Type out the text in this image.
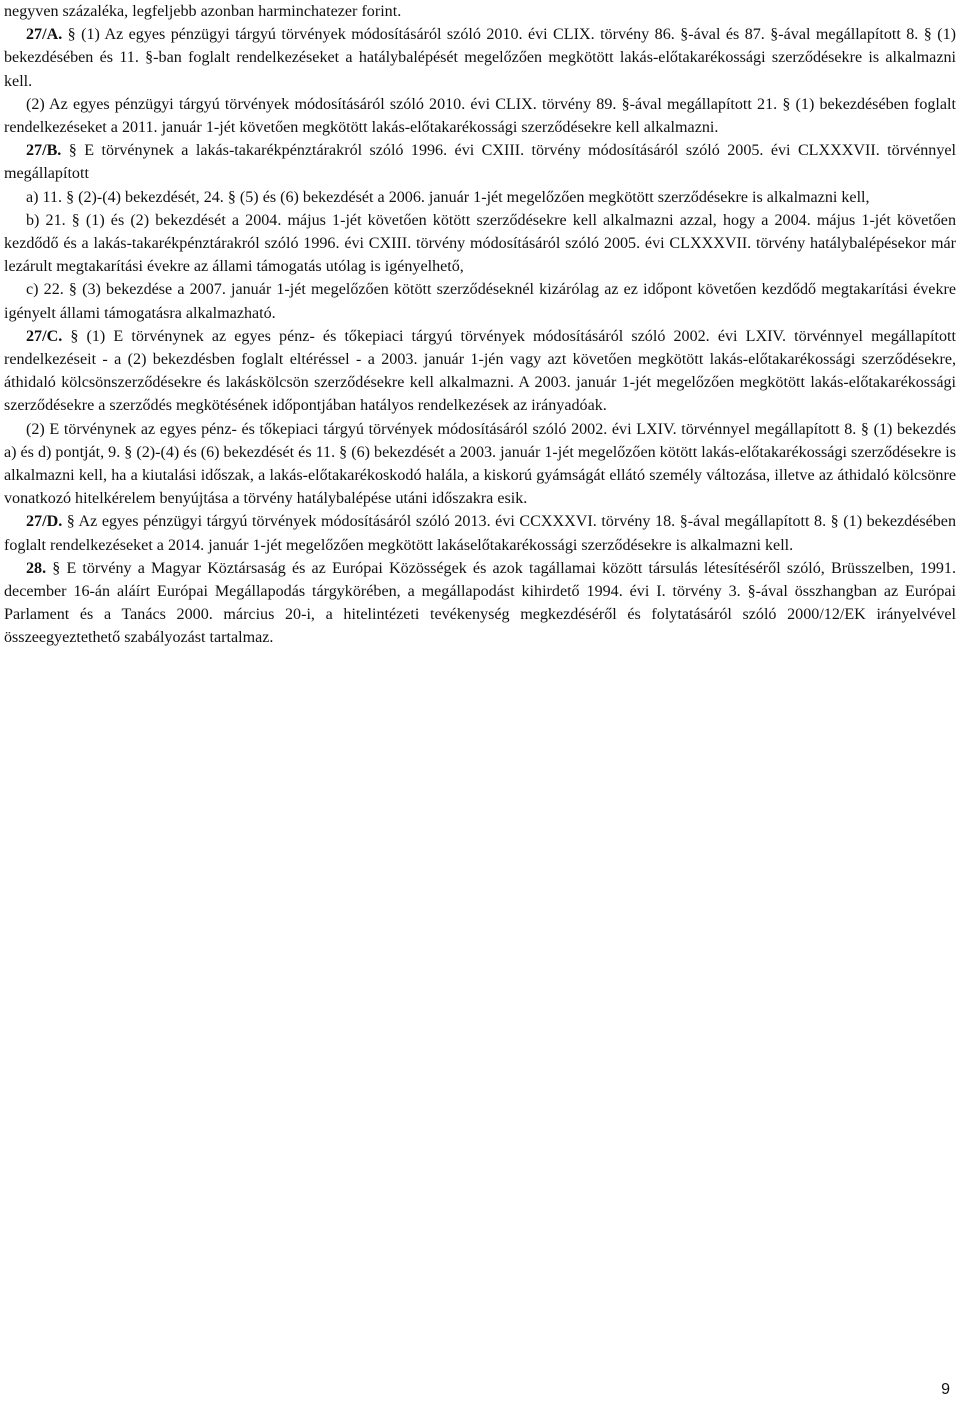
negyven százaléka, legfeljebb azonban harminchatezer forint.

27/A. § (1) Az egyes pénzügyi tárgyú törvények módosításáról szóló 2010. évi CLIX. törvény 86. §-ával és 87. §-ával megállapított 8. § (1) bekezdésében és 11. §-ban foglalt rendelkezéseket a hatálybalépését megelőzően megkötött lakás-előtakarékossági szerződésekre is alkalmazni kell.

(2) Az egyes pénzügyi tárgyú törvények módosításáról szóló 2010. évi CLIX. törvény 89. §-ával megállapított 21. § (1) bekezdésében foglalt rendelkezéseket a 2011. január 1-jét követően megkötött lakás-előtakarékossági szerződésekre kell alkalmazni.

27/B. § E törvénynek a lakás-takarékpénztárakról szóló 1996. évi CXIII. törvény módosításáról szóló 2005. évi CLXXXVII. törvénnyel megállapított

a) 11. § (2)-(4) bekezdését, 24. § (5) és (6) bekezdését a 2006. január 1-jét megelőzően megkötött szerződésekre is alkalmazni kell,

b) 21. § (1) és (2) bekezdését a 2004. május 1-jét követően kötött szerződésekre kell alkalmazni azzal, hogy a 2004. május 1-jét követően kezdődő és a lakás-takarékpénztárakról szóló 1996. évi CXIII. törvény módosításáról szóló 2005. évi CLXXXVII. törvény hatálybalépésekor már lezárult megtakarítási évekre az állami támogatás utólag is igényelhető,

c) 22. § (3) bekezdése a 2007. január 1-jét megelőzően kötött szerződéseknél kizárólag az ez időpont követően kezdődő megtakarítási évekre igényelt állami támogatásra alkalmazható.

27/C. § (1) E törvénynek az egyes pénz- és tőkepiaci tárgyú törvények módosításáról szóló 2002. évi LXIV. törvénnyel megállapított rendelkezéseit - a (2) bekezdésben foglalt eltéréssel - a 2003. január 1-jén vagy azt követően megkötött lakás-előtakarékossági szerződésekre, áthidaló kölcsönszerződésekre és lakáskölcsön szerződésekre kell alkalmazni. A 2003. január 1-jét megelőzően megkötött lakás-előtakarékossági szerződésekre a szerződés megkötésének időpontjában hatályos rendelkezések az irányadóak.

(2) E törvénynek az egyes pénz- és tőkepiaci tárgyú törvények módosításáról szóló 2002. évi LXIV. törvénnyel megállapított 8. § (1) bekezdés a) és d) pontját, 9. § (2)-(4) és (6) bekezdését és 11. § (6) bekezdését a 2003. január 1-jét megelőzően kötött lakás-előtakarékossági szerződésekre is alkalmazni kell, ha a kiutalási időszak, a lakás-előtakarékoskodó halála, a kiskorú gyámságát ellátó személy változása, illetve az áthidaló kölcsönre vonatkozó hitelkérelem benyújtása a törvény hatálybalépése utáni időszakra esik.

27/D. § Az egyes pénzügyi tárgyú törvények módosításáról szóló 2013. évi CCXXXVI. törvény 18. §-ával megállapított 8. § (1) bekezdésében foglalt rendelkezéseket a 2014. január 1-jét megelőzően megkötött lakáselőtakarékossági szerződésekre is alkalmazni kell.

28. § E törvény a Magyar Köztársaság és az Európai Közösségek és azok tagállamai között társulás létesítéséről szóló, Brüsszelben, 1991. december 16-án aláírt Európai Megállapodás tárgykörében, a megállapodást kihirdető 1994. évi I. törvény 3. §-ával összhangban az Európai Parlament és a Tanács 2000. március 20-i, a hitelintézeti tevékenység megkezdéséről és folytatásáról szóló 2000/12/EK irányelvével összeegyeztethető szabályozást tartalmaz.

9
